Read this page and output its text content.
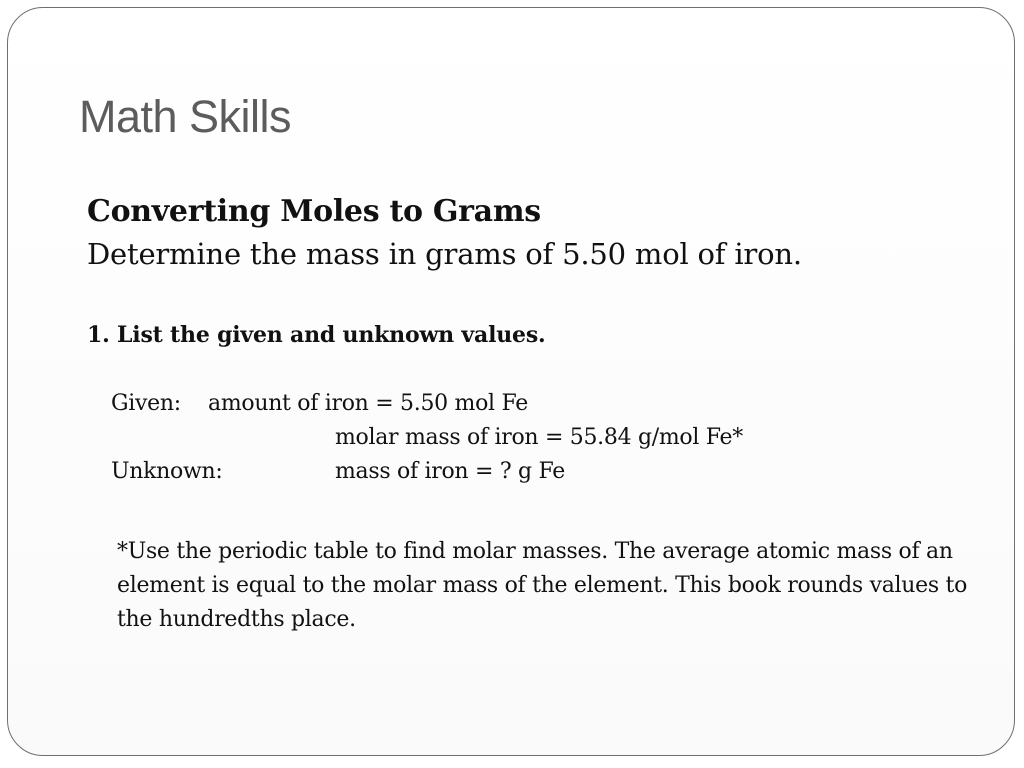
Math Skills
Converting Moles to Grams
Determine the mass in grams of 5.50 mol of iron.
1. List the given and unknown values.
Given: amount of iron = 5.50 mol Fe
molar mass of iron = 55.84 g/mol Fe*
Unknown:	mass of iron = ? g Fe
*Use the periodic table to find molar masses. The average atomic mass of an element is equal to the molar mass of the element. This book rounds values to the hundredths place.
